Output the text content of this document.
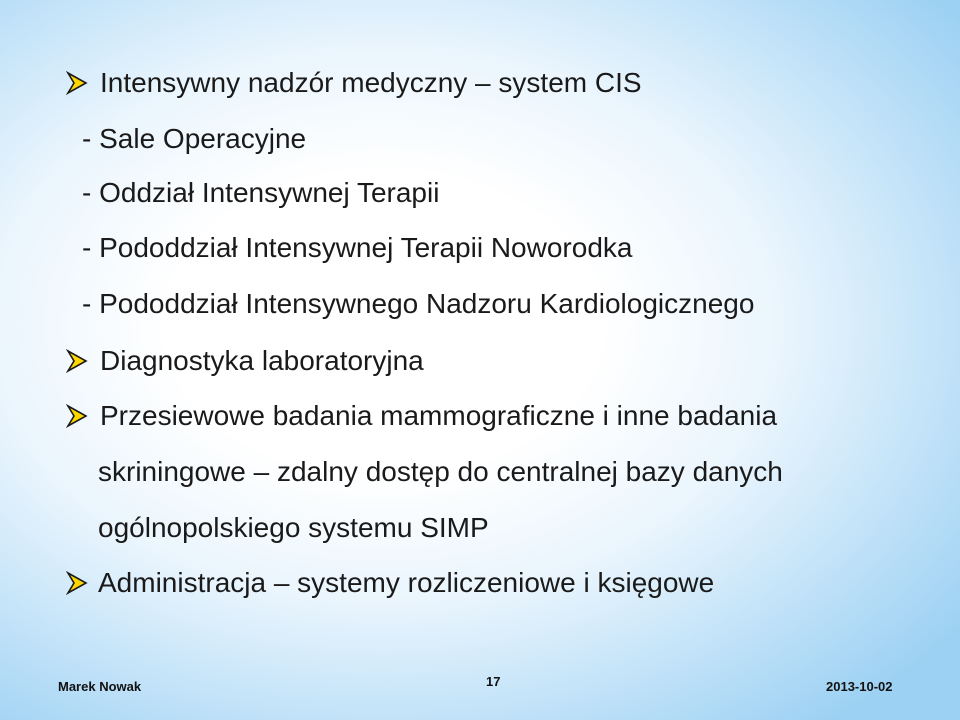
Intensywny nadzór medyczny – system CIS
- Sale Operacyjne
- Oddział Intensywnej Terapii
- Pododdział Intensywnej Terapii Noworodka
- Pododdział Intensywnego Nadzoru Kardiologicznego
Diagnostyka laboratoryjna
Przesiewowe badania mammograficzne i inne badania
skriningowe – zdalny dostęp do centralnej bazy danych
ogólnopolskiego systemu SIMP
Administracja – systemy rozliczeniowe i księgowe
Marek Nowak	17	2013-10-02
